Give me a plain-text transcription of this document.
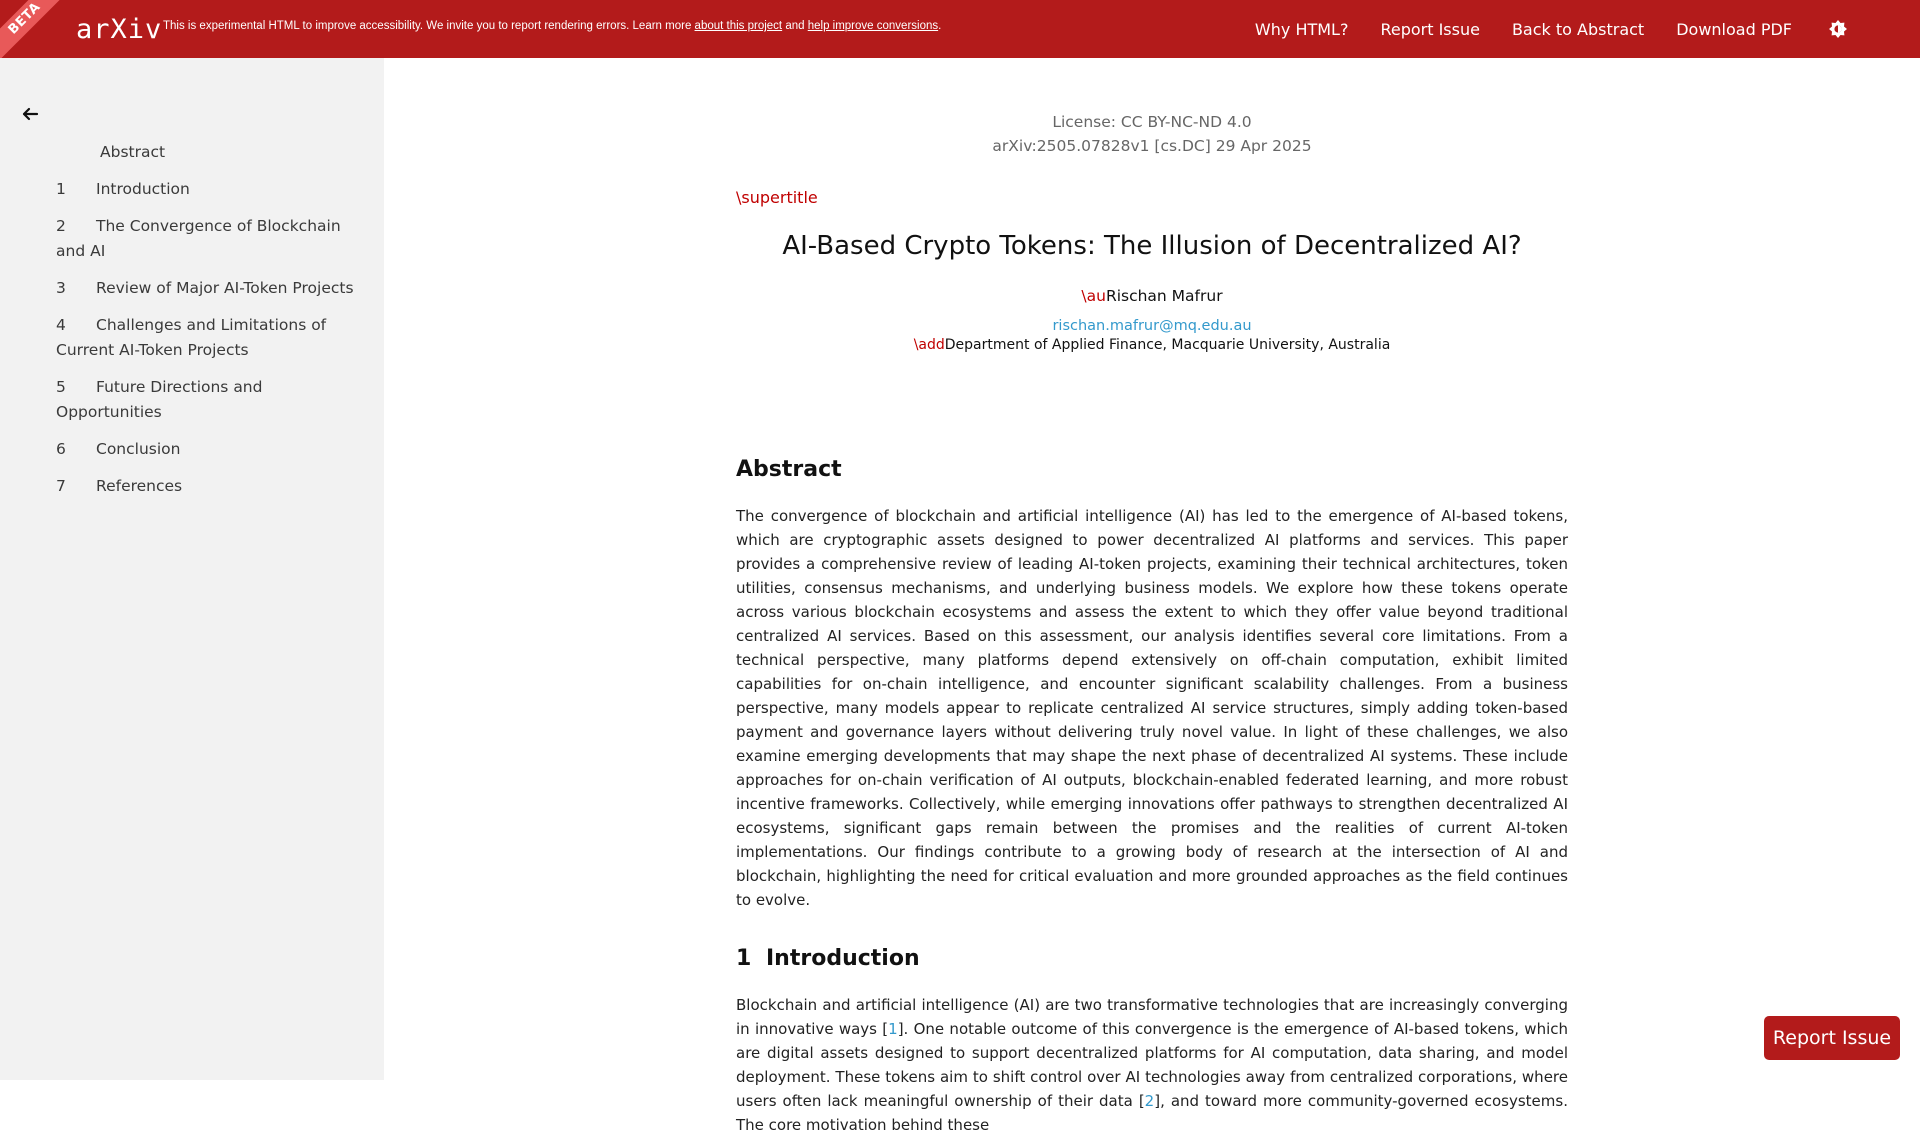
BETA	arXiv This is experimental HTML to improve accessibility. We invite you to report rendering errors. Learn more about this project and help improve conversions.	Why HTML? Report Issue Back to Abstract Download PDF
Abstract
1 Introduction
2 The Convergence of Blockchain and AI
3 Review of Major AI-Token Projects
4 Challenges and Limitations of Current AI-Token Projects
5 Future Directions and Opportunities
6 Conclusion
7 References
License: CC BY-NC-ND 4.0
arXiv:2505.07828v1 [cs.DC] 29 Apr 2025
\supertitle
AI-Based Crypto Tokens: The Illusion of Decentralized AI?
\auRischan Mafrur
rischan.mafrur@mq.edu.au
\addDepartment of Applied Finance, Macquarie University, Australia
Abstract

The convergence of blockchain and artificial intelligence (AI) has led to the emergence of AI-based tokens, which are cryptographic assets designed to power decentralized AI platforms and services. This paper provides a comprehensive review of leading AI-token projects, examining their technical architectures, token utilities, consensus mechanisms, and underlying business models. We explore how these tokens operate across various blockchain ecosystems and assess the extent to which they offer value beyond traditional centralized AI services. Based on this assessment, our analysis identifies several core limitations. From a technical perspective, many platforms depend extensively on off-chain computation, exhibit limited capabilities for on-chain intelligence, and encounter significant scalability challenges. From a business perspective, many models appear to replicate centralized AI service structures, simply adding token-based payment and governance layers without delivering truly novel value. In light of these challenges, we also examine emerging developments that may shape the next phase of decentralized AI systems. These include approaches for on-chain verification of AI outputs, blockchain-enabled federated learning, and more robust incentive frameworks. Collectively, while emerging innovations offer pathways to strengthen decentralized AI ecosystems, significant gaps remain between the promises and the realities of current AI-token implementations. Our findings contribute to a growing body of research at the intersection of AI and blockchain, highlighting the need for critical evaluation and more grounded approaches as the field continues to evolve.

1 Introduction

Blockchain and artificial intelligence (AI) are two transformative technologies that are increasingly converging in innovative ways [1]. One notable outcome of this convergence is the emergence of AI-based tokens, which are digital assets designed to support decentralized platforms for AI computation, data sharing, and model deployment. These tokens aim to shift control over AI technologies away from centralized corporations, where users often lack meaningful ownership of their data [2], and toward more community-governed ecosystems. The core motivation behind these

Report Issue
